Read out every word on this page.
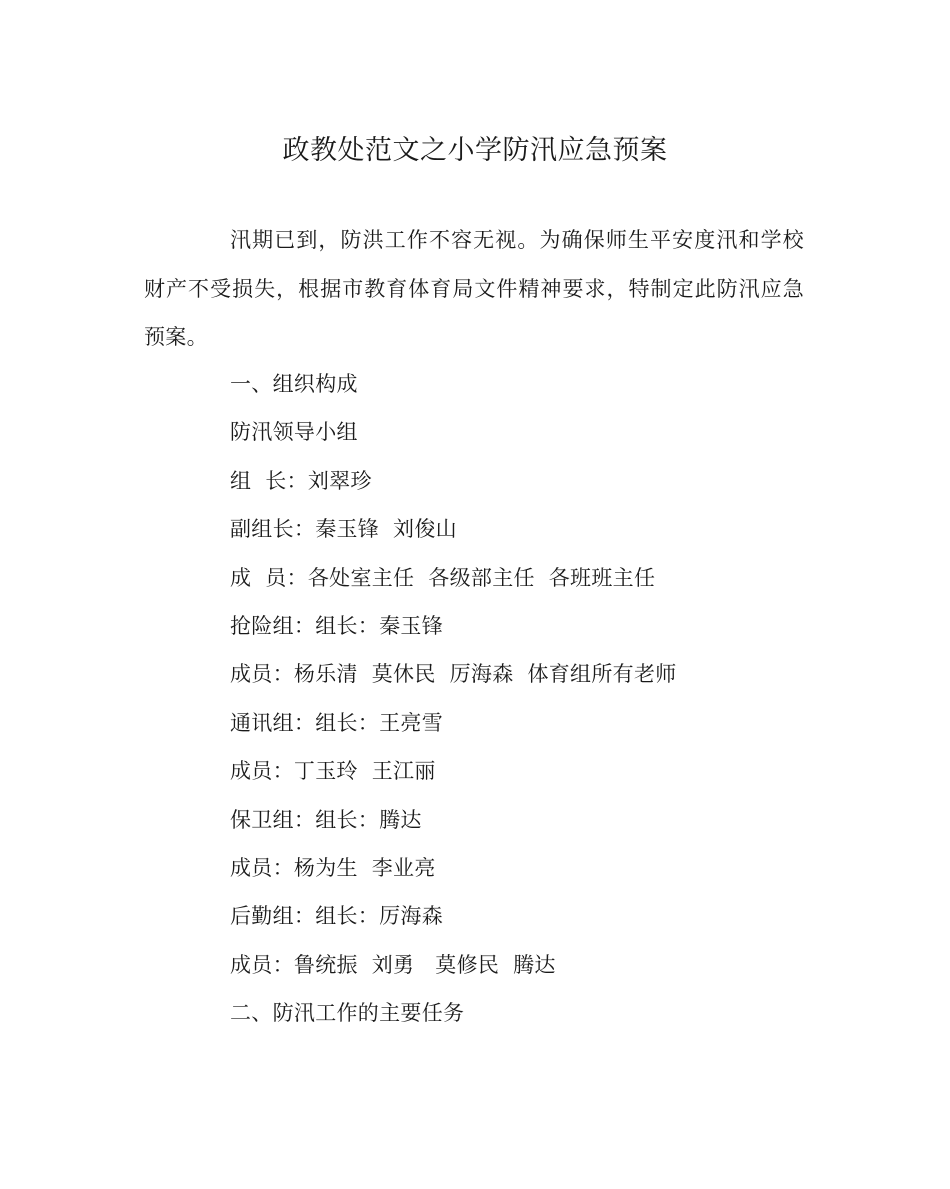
政教处范文之小学防汛应急预案

汛期已到，防洪工作不容无视。为确保师生平安度汛和学校财产不受损失，根据市教育体育局文件精神要求，特制定此防汛应急预案。

一、组织构成
防汛领导小组
组  长：刘翠珍
副组长：秦玉锋  刘俊山
成  员：各处室主任  各级部主任  各班班主任
抢险组：组长：秦玉锋
成员：杨乐清  莫休民  厉海森  体育组所有老师
通讯组：组长：王亮雪
成员：丁玉玲  王江丽
保卫组：组长：腾达
成员：杨为生  李业亮
后勤组：组长：厉海森
成员：鲁统振  刘勇   莫修民  腾达
二、防汛工作的主要任务
